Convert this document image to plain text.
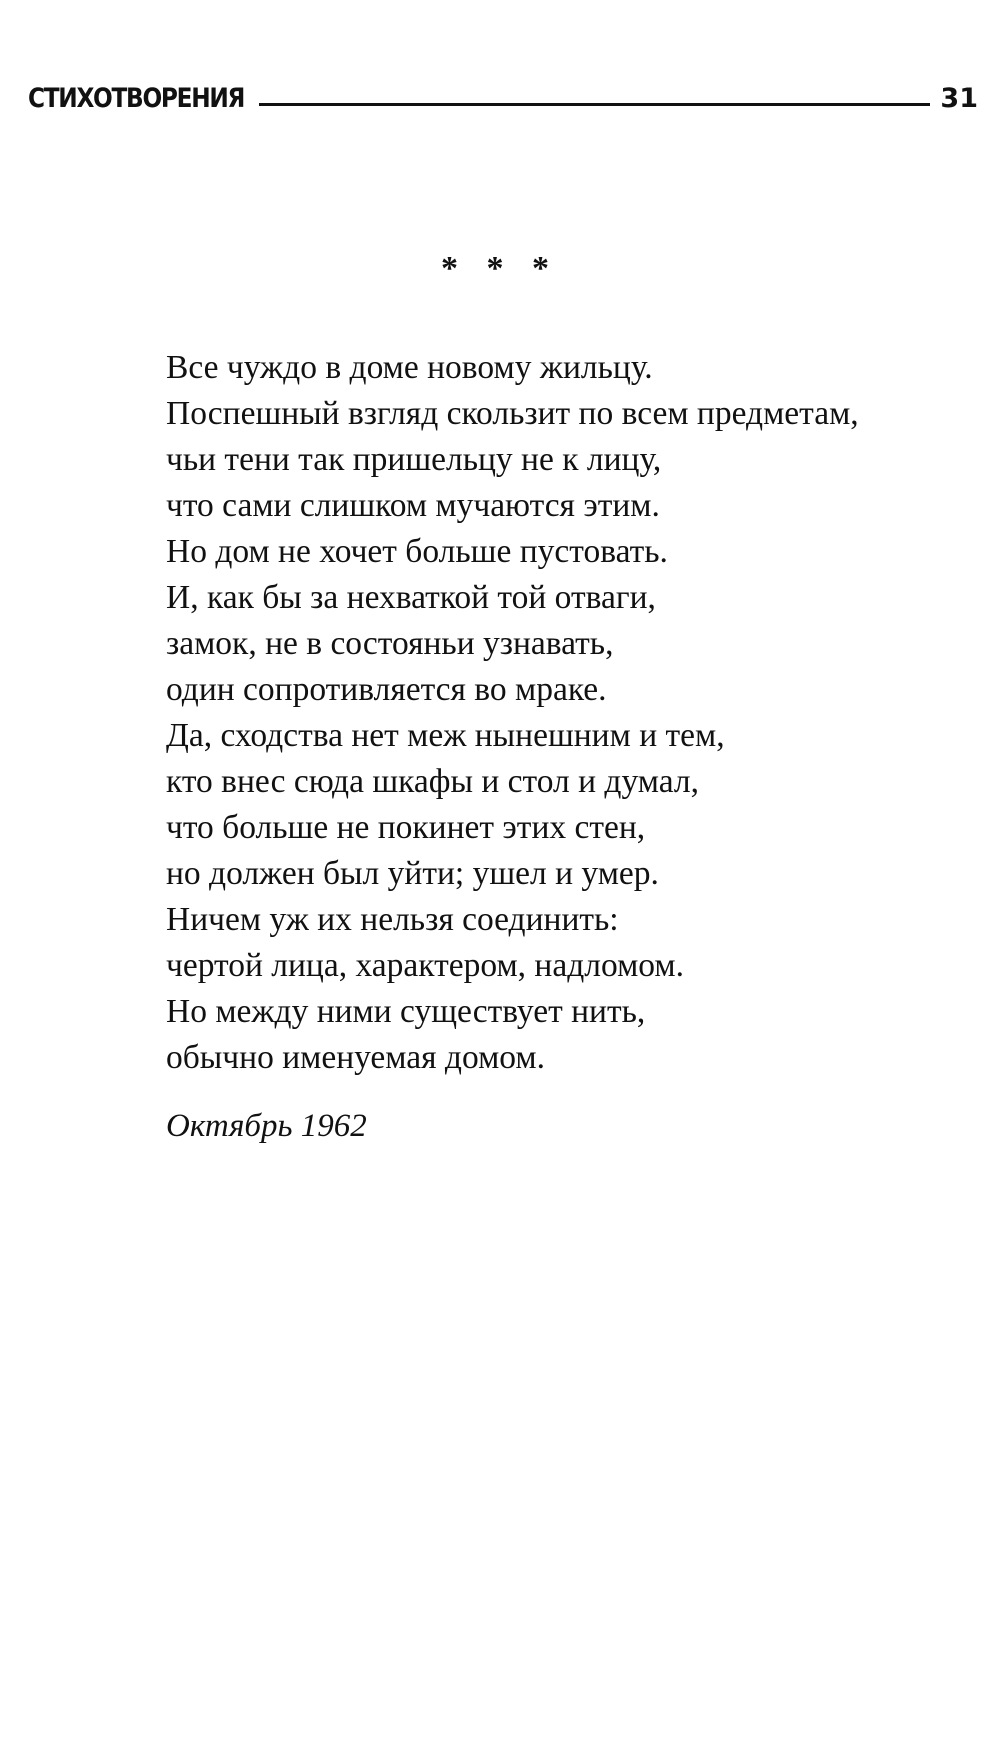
СТИХОТВОРЕНИЯ	31
* * *
Все чуждо в доме новому жильцу.
Поспешный взгляд скользит по всем предметам,
чьи тени так пришельцу не к лицу,
что сами слишком мучаются этим.
Но дом не хочет больше пустовать.
И, как бы за нехваткой той отваги,
замок, не в состояньи узнавать,
один сопротивляется во мраке.
Да, сходства нет меж нынешним и тем,
кто внес сюда шкафы и стол и думал,
что больше не покинет этих стен,
но должен был уйти; ушел и умер.
Ничем уж их нельзя соединить:
чертой лица, характером, надломом.
Но между ними существует нить,
обычно именуемая домом.
Октябрь 1962
